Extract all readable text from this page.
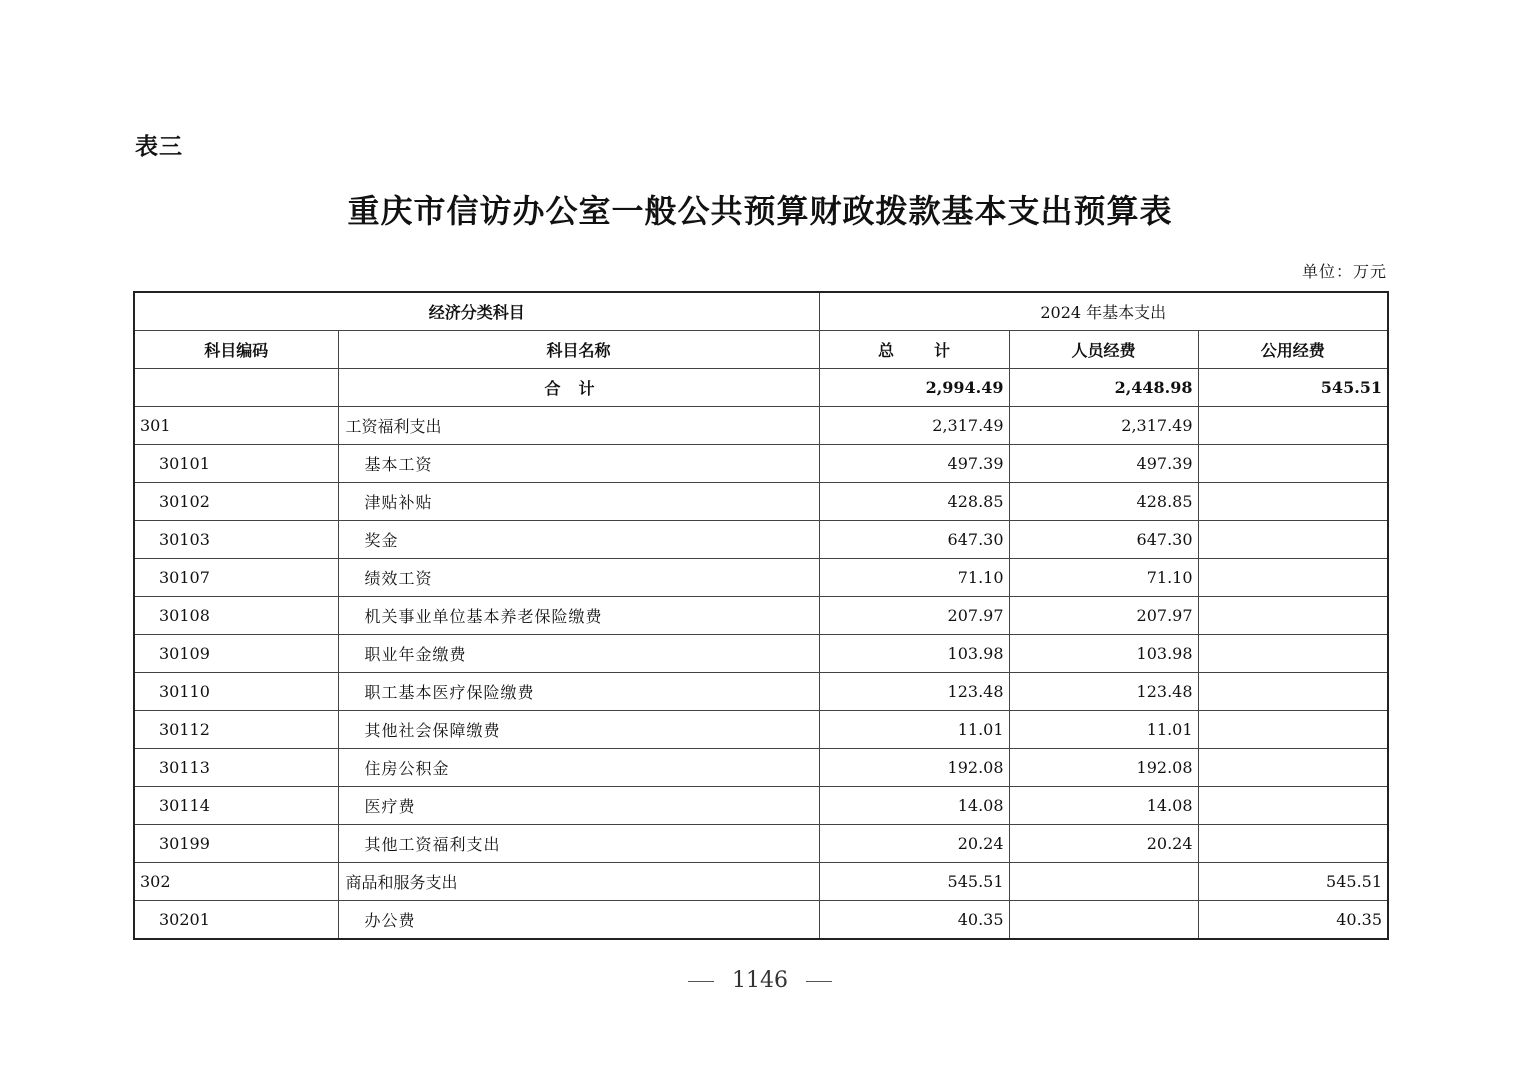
表三
重庆市信访办公室一般公共预算财政拨款基本支出预算表
单位：万元
经济分类科目		2024 年基本支出		
科目编码	科目名称	总 计	人员经费	公用经费
	合计	2,994.49	2,448.98	545.51
301	工资福利支出	2,317.49	2,317.49	
30101	基本工资	497.39	497.39	
30102	津贴补贴	428.85	428.85	
30103	奖金	647.30	647.30	
30107	绩效工资	71.10	71.10	
30108	机关事业单位基本养老保险缴费	207.97	207.97	
30109	职业年金缴费	103.98	103.98	
30110	职工基本医疗保险缴费	123.48	123.48	
30112	其他社会保障缴费	11.01	11.01	
30113	住房公积金	192.08	192.08	
30114	医疗费	14.08	14.08	
30199	其他工资福利支出	20.24	20.24	
302	商品和服务支出	545.51		545.51
30201	办公费	40.35		40.35
1146
